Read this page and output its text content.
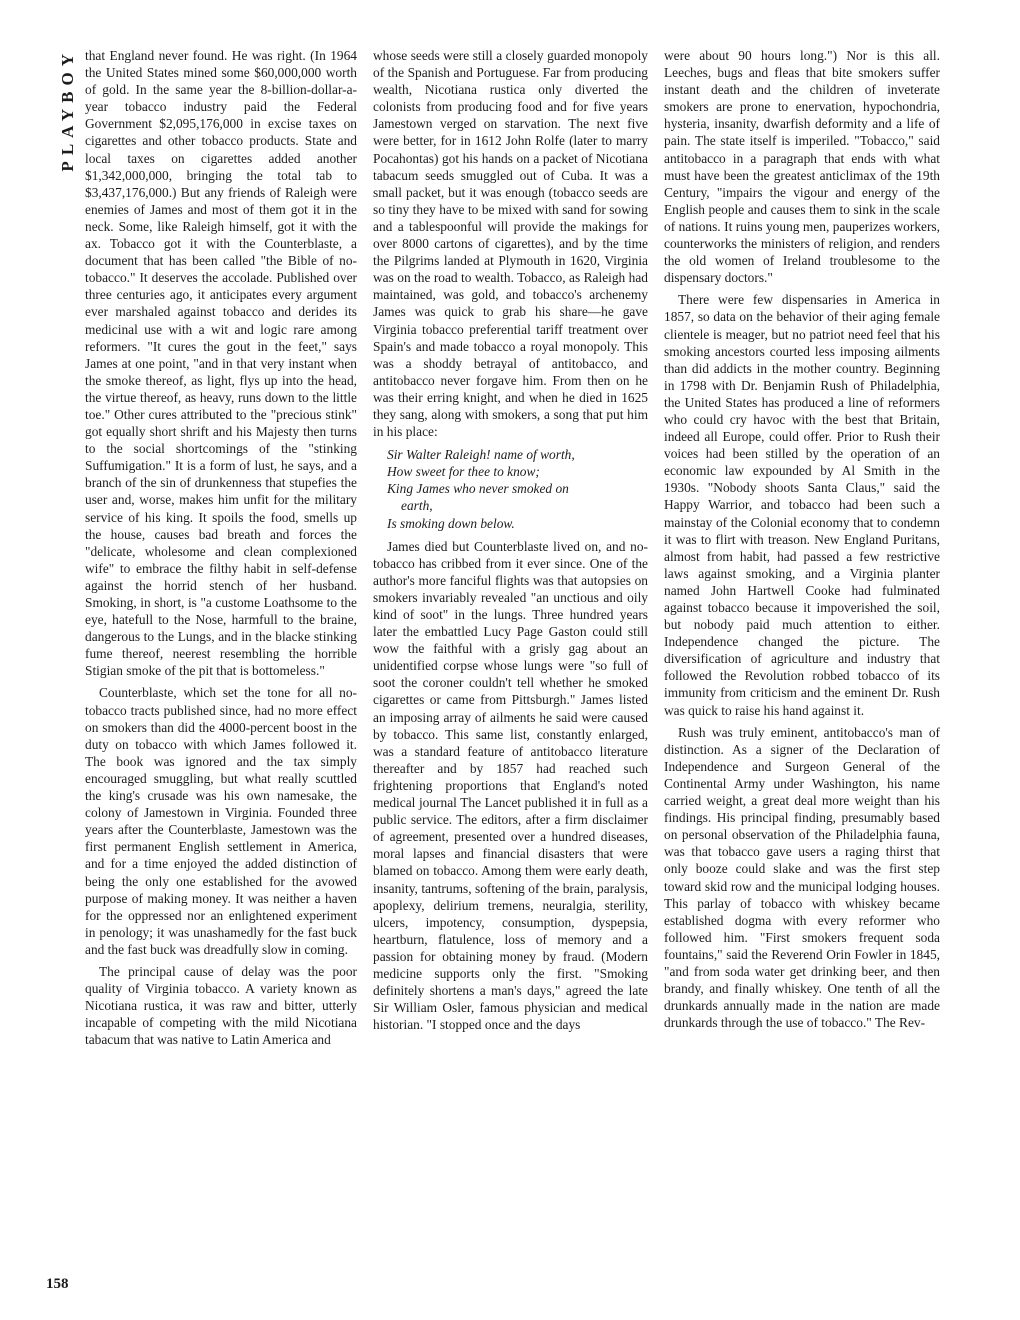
PLAYBOY
158

that England never found. He was right. (In 1964 the United States mined some $60,000,000 worth of gold. In the same year the 8-billion-dollar-a-year tobacco industry paid the Federal Government $2,095,176,000 in excise taxes on cigarettes and other tobacco products. State and local taxes on cigarettes added another $1,342,000,000, bringing the total tab to $3,437,176,000.) But any friends of Raleigh were enemies of James and most of them got it in the neck. Some, like Raleigh himself, got it with the ax. Tobacco got it with the Counterblaste, a document that has been called "the Bible of no-tobacco." It deserves the accolade. Published over three centuries ago, it anticipates every argument ever marshaled against tobacco and derides its medicinal use with a wit and logic rare among reformers. "It cures the gout in the feet," says James at one point, "and in that very instant when the smoke thereof, as light, flys up into the head, the virtue thereof, as heavy, runs down to the little toe." Other cures attributed to the "precious stink" got equally short shrift and his Majesty then turns to the social shortcomings of the "stinking Suffumigation." It is a form of lust, he says, and a branch of the sin of drunkenness that stupefies the user and, worse, makes him unfit for the military service of his king. It spoils the food, smells up the house, causes bad breath and forces the "delicate, wholesome and clean complexioned wife" to embrace the filthy habit in self-defense against the horrid stench of her husband. Smoking, in short, is "a custome Loathsome to the eye, hatefull to the Nose, harmfull to the braine, dangerous to the Lungs, and in the blacke stinking fume thereof, neerest resembling the horrible Stigian smoke of the pit that is bottomeless."

Counterblaste, which set the tone for all no-tobacco tracts published since, had no more effect on smokers than did the 4000-percent boost in the duty on tobacco with which James followed it. The book was ignored and the tax simply encouraged smuggling, but what really scuttled the king's crusade was his own namesake, the colony of Jamestown in Virginia. Founded three years after the Counterblaste, Jamestown was the first permanent English settlement in America, and for a time enjoyed the added distinction of being the only one established for the avowed purpose of making money. It was neither a haven for the oppressed nor an enlightened experiment in penology; it was unashamedly for the fast buck and the fast buck was dreadfully slow in coming.

The principal cause of delay was the poor quality of Virginia tobacco. A variety known as Nicotiana rustica, it was raw and bitter, utterly incapable of competing with the mild Nicotiana tabacum that was native to Latin America and

whose seeds were still a closely guarded monopoly of the Spanish and Portuguese. Far from producing wealth, Nicotiana rustica only diverted the colonists from producing food and for five years Jamestown verged on starvation. The next five were better, for in 1612 John Rolfe (later to marry Pocahontas) got his hands on a packet of Nicotiana tabacum seeds smuggled out of Cuba. It was a small packet, but it was enough (tobacco seeds are so tiny they have to be mixed with sand for sowing and a tablespoonful will provide the makings for over 8000 cartons of cigarettes), and by the time the Pilgrims landed at Plymouth in 1620, Virginia was on the road to wealth. Tobacco, as Raleigh had maintained, was gold, and tobacco's archenemy James was quick to grab his share—he gave Virginia tobacco preferential tariff treatment over Spain's and made tobacco a royal monopoly. This was a shoddy betrayal of antitobacco, and antitobacco never forgave him. From then on he was their erring knight, and when he died in 1625 they sang, along with smokers, a song that put him in his place:

Sir Walter Raleigh! name of worth,
How sweet for thee to know;
King James who never smoked on
earth,
Is smoking down below.

James died but Counterblaste lived on, and no-tobacco has cribbed from it ever since. One of the author's more fanciful flights was that autopsies on smokers invariably revealed "an unctious and oily kind of soot" in the lungs. Three hundred years later the embattled Lucy Page Gaston could still wow the faithful with a grisly gag about an unidentified corpse whose lungs were "so full of soot the coroner couldn't tell whether he smoked cigarettes or came from Pittsburgh." James listed an imposing array of ailments he said were caused by tobacco. This same list, constantly enlarged, was a standard feature of antitobacco literature thereafter and by 1857 had reached such frightening proportions that England's noted medical journal The Lancet published it in full as a public service. The editors, after a firm disclaimer of agreement, presented over a hundred diseases, moral lapses and financial disasters that were blamed on tobacco. Among them were early death, insanity, tantrums, softening of the brain, paralysis, apoplexy, delirium tremens, neuralgia, sterility, ulcers, impotency, consumption, dyspepsia, heartburn, flatulence, loss of memory and a passion for obtaining money by fraud. (Modern medicine supports only the first. "Smoking definitely shortens a man's days," agreed the late Sir William Osler, famous physician and medical historian. "I stopped once and the days

were about 90 hours long.") Nor is this all. Leeches, bugs and fleas that bite smokers suffer instant death and the children of inveterate smokers are prone to enervation, hypochondria, hysteria, insanity, dwarfish deformity and a life of pain. The state itself is imperiled. "Tobacco," said antitobacco in a paragraph that ends with what must have been the greatest anticlimax of the 19th Century, "impairs the vigour and energy of the English people and causes them to sink in the scale of nations. It ruins young men, pauperizes workers, counterworks the ministers of religion, and renders the old women of Ireland troublesome to the dispensary doctors."

There were few dispensaries in America in 1857, so data on the behavior of their aging female clientele is meager, but no patriot need feel that his smoking ancestors courted less imposing ailments than did addicts in the mother country. Beginning in 1798 with Dr. Benjamin Rush of Philadelphia, the United States has produced a line of reformers who could cry havoc with the best that Britain, indeed all Europe, could offer. Prior to Rush their voices had been stilled by the operation of an economic law expounded by Al Smith in the 1930s. "Nobody shoots Santa Claus," said the Happy Warrior, and tobacco had been such a mainstay of the Colonial economy that to condemn it was to flirt with treason. New England Puritans, almost from habit, had passed a few restrictive laws against smoking, and a Virginia planter named John Hartwell Cooke had fulminated against tobacco because it impoverished the soil, but nobody paid much attention to either. Independence changed the picture. The diversification of agriculture and industry that followed the Revolution robbed tobacco of its immunity from criticism and the eminent Dr. Rush was quick to raise his hand against it.

Rush was truly eminent, antitobacco's man of distinction. As a signer of the Declaration of Independence and Surgeon General of the Continental Army under Washington, his name carried weight, a great deal more weight than his findings. His principal finding, presumably based on personal observation of the Philadelphia fauna, was that tobacco gave users a raging thirst that only booze could slake and was the first step toward skid row and the municipal lodging houses. This parlay of tobacco with whiskey became established dogma with every reformer who followed him. "First smokers frequent soda fountains," said the Reverend Orin Fowler in 1845, "and from soda water get drinking beer, and then brandy, and finally whiskey. One tenth of all the drunkards annually made in the nation are made drunkards through the use of tobacco." The Rev-
